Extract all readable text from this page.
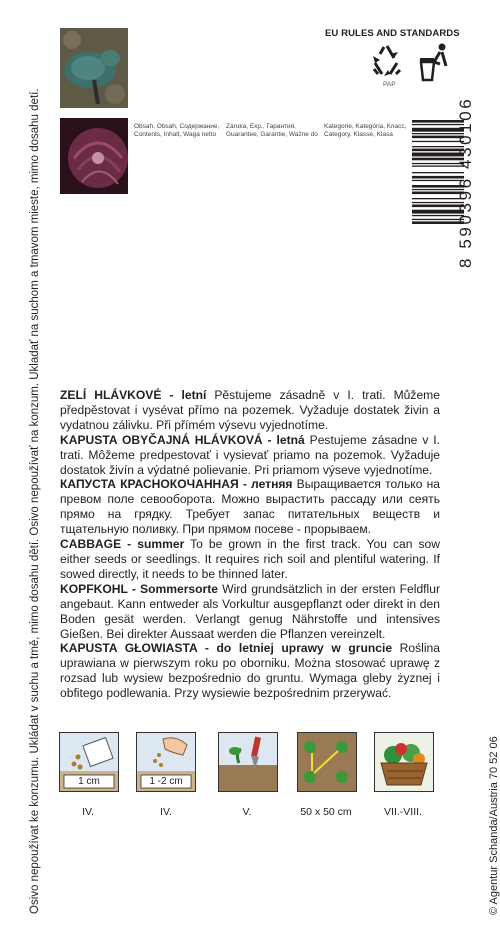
Osivo nepoužívat ke konzumu. Ukládat v suchu a tmě, mimo dosahu dětí. Osivo nepoužívať na konzum. Ukladať na suchom a tmavom mieste, mimo dosahu detí.	Obsah, Obsah, Содержание,
Contents, Inhalt, Waga netto
Záruka, Exp., Гарантия,
Guarantee, Garantie, Ważne do
Kategorie, Kategória, Класс,
Category, Klasse, Klasa
EU RULES AND STANDARDS
PAP
8 590396 430106

ZELÍ HLÁVKOVÉ - letní Pěstujeme zásadně v I. trati. Můžeme předpěstovat i vysévat přímo na pozemek. Vyžaduje dostatek živin a vydatnou zálivku. Při přímém výsevu vyjednotíme.

KAPUSTA OBYČAJNÁ HLÁVKOVÁ - letná Pestujeme zásadne v I. trati. Môžeme predpestovať i vysievať priamo na pozemok. Vyžaduje dostatok živín a výdatné polievanie. Pri priamom výseve vyjednotíme.

КАПУСТА КРАСНОКОЧАННАЯ - летняя Выращивается только на превом поле севооборота. Можно вырастить рассаду или сеять прямо на грядку. Требует запас питательных веществ и тщательную поливку. При прямом посеве - прорываем.

CABBAGE - summer To be grown in the first track. You can sow either seeds or seedlings. It requires rich soil and plentiful watering. If sowed directly, it needs to be thinned later.

KOPFKOHL - Sommersorte Wird grundsätzlich in der ersten Feldflur angebaut. Kann entweder als Vorkultur ausgepflanzt oder direkt in den Boden gesät werden. Verlangt genug Nährstoffe und intensives Gießen. Bei direkter Aussaat werden die Pflanzen vereinzelt.

KAPUSTA GŁOWIASTA - do letniej uprawy w gruncie Roślina uprawiana w pierwszym roku po oborniku. Można stosować uprawę z rozsad lub wysiew bezpośrednio do gruntu. Wymaga gleby żyznej i obfitego podlewania. Przy wysiewie bezpośrednim przerywać.

1 cm	1 -2 cm
IV.	IV.	V.	50 x 50 cm	VII.-VIII.	© Agentur Schanda/Austria 70 52 06
